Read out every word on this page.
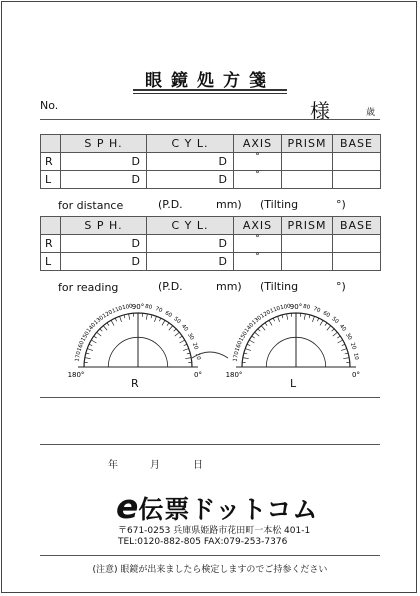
眼鏡処方箋
No.	様	歳
	S P H.	C Y L.	AXIS	PRISM	BASE
R	D	D	°		
L	D	D	°		
for distance	(P.D.	mm) (Tilting	°)
	S P H.	C Y L.	AXIS	PRISM	BASE
R	D	D	°		
L	D	D	°		
for reading	(P.D.	mm) (Tilting	°)
10
20
30
40
50
60
70
80
100
110
120
130
140
150
160
170
90°
180°	0°
10
20
30
40
50
60
70
80
100
110
120
130
140
150
160
170
90°
180°	0°
R	L
年	月	日
e伝票ドットコム
〒671-0253 兵庫県姫路市花田町一本松 401-1
TEL:0120-882-805 FAX:079-253-7376
(注意) 眼鏡が出来ましたら検定しますのでご持参ください
